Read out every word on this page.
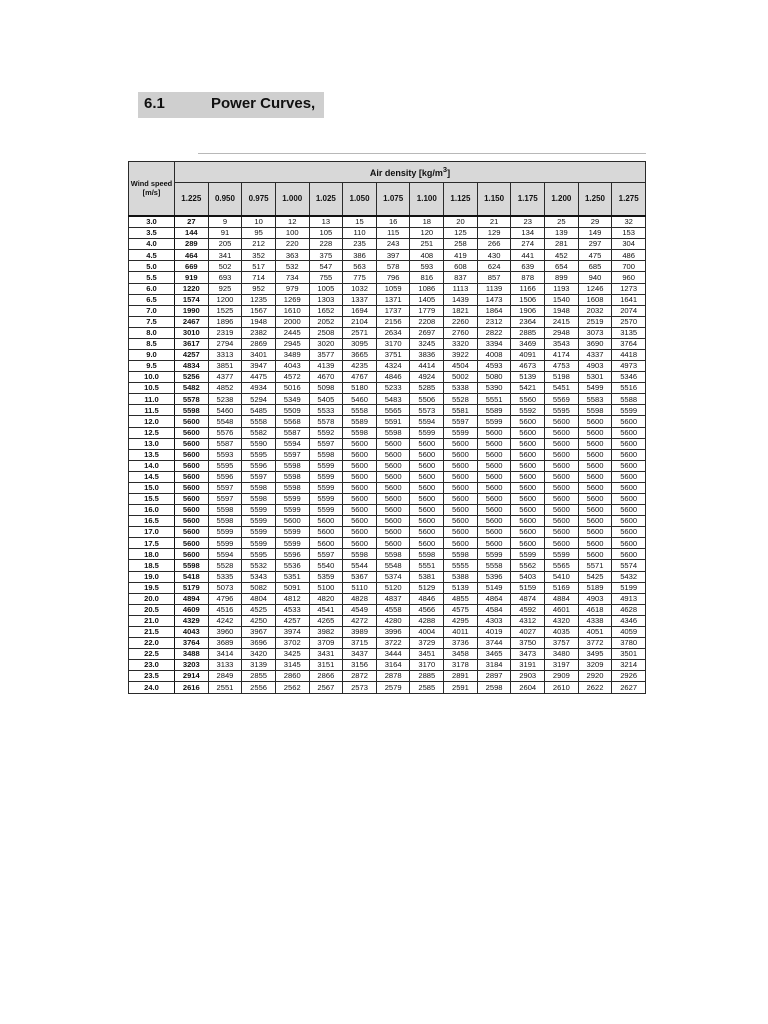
6.1	Power Curves,
Wind speed [m/s]	Air density $[kg/m^3]$													
	1.225	0.950	0.975	1.000	1.025	1.050	1.075	1.100	1.125	1.150	1.175	1.200	1.250	1.275
3.0	27	9	10	12	13	15	16	18	20	21	23	25	29	32
3.5	144	91	95	100	105	110	115	120	125	129	134	139	149	153
4.0	289	205	212	220	228	235	243	251	258	266	274	281	297	304
4.5	464	341	352	363	375	386	397	408	419	430	441	452	475	486
5.0	669	502	517	532	547	563	578	593	608	624	639	654	685	700
5.5	919	693	714	734	755	775	796	816	837	857	878	899	940	960
6.0	1220	925	952	979	1005	1032	1059	1086	1113	1139	1166	1193	1246	1273
6.5	1574	1200	1235	1269	1303	1337	1371	1405	1439	1473	1506	1540	1608	1641
7.0	1990	1525	1567	1610	1652	1694	1737	1779	1821	1864	1906	1948	2032	2074
7.5	2467	1896	1948	2000	2052	2104	2156	2208	2260	2312	2364	2415	2519	2570
8.0	3010	2319	2382	2445	2508	2571	2634	2697	2760	2822	2885	2948	3073	3135
8.5	3617	2794	2869	2945	3020	3095	3170	3245	3320	3394	3469	3543	3690	3764
9.0	4257	3313	3401	3489	3577	3665	3751	3836	3922	4008	4091	4174	4337	4418
9.5	4834	3851	3947	4043	4139	4235	4324	4414	4504	4593	4673	4753	4903	4973
10.0	5256	4377	4475	4572	4670	4767	4846	4924	5002	5080	5139	5198	5301	5346
10.5	5482	4852	4934	5016	5098	5180	5233	5285	5338	5390	5421	5451	5499	5516
11.0	5578	5238	5294	5349	5405	5460	5483	5506	5528	5551	5560	5569	5583	5588
11.5	5598	5460	5485	5509	5533	5558	5565	5573	5581	5589	5592	5595	5598	5599
12.0	5600	5548	5558	5568	5578	5589	5591	5594	5597	5599	5600	5600	5600	5600
12.5	5600	5576	5582	5587	5592	5598	5598	5599	5599	5600	5600	5600	5600	5600
13.0	5600	5587	5590	5594	5597	5600	5600	5600	5600	5600	5600	5600	5600	5600
13.5	5600	5593	5595	5597	5598	5600	5600	5600	5600	5600	5600	5600	5600	5600
14.0	5600	5595	5596	5598	5599	5600	5600	5600	5600	5600	5600	5600	5600	5600
14.5	5600	5596	5597	5598	5599	5600	5600	5600	5600	5600	5600	5600	5600	5600
15.0	5600	5597	5598	5598	5599	5600	5600	5600	5600	5600	5600	5600	5600	5600
15.5	5600	5597	5598	5599	5599	5600	5600	5600	5600	5600	5600	5600	5600	5600
16.0	5600	5598	5599	5599	5599	5600	5600	5600	5600	5600	5600	5600	5600	5600
16.5	5600	5598	5599	5600	5600	5600	5600	5600	5600	5600	5600	5600	5600	5600
17.0	5600	5599	5599	5599	5600	5600	5600	5600	5600	5600	5600	5600	5600	5600
17.5	5600	5599	5599	5599	5600	5600	5600	5600	5600	5600	5600	5600	5600	5600
18.0	5600	5594	5595	5596	5597	5598	5598	5598	5598	5599	5599	5599	5600	5600
18.5	5598	5528	5532	5536	5540	5544	5548	5551	5555	5558	5562	5565	5571	5574
19.0	5418	5335	5343	5351	5359	5367	5374	5381	5388	5396	5403	5410	5425	5432
19.5	5179	5073	5082	5091	5100	5110	5120	5129	5139	5149	5159	5169	5189	5199
20.0	4894	4796	4804	4812	4820	4828	4837	4846	4855	4864	4874	4884	4903	4913
20.5	4609	4516	4525	4533	4541	4549	4558	4566	4575	4584	4592	4601	4618	4628
21.0	4329	4242	4250	4257	4265	4272	4280	4288	4295	4303	4312	4320	4338	4346
21.5	4043	3960	3967	3974	3982	3989	3996	4004	4011	4019	4027	4035	4051	4059
22.0	3764	3689	3696	3702	3709	3715	3722	3729	3736	3744	3750	3757	3772	3780
22.5	3488	3414	3420	3425	3431	3437	3444	3451	3458	3465	3473	3480	3495	3501
23.0	3203	3133	3139	3145	3151	3156	3164	3170	3178	3184	3191	3197	3209	3214
23.5	2914	2849	2855	2860	2866	2872	2878	2885	2891	2897	2903	2909	2920	2926
24.0	2616	2551	2556	2562	2567	2573	2579	2585	2591	2598	2604	2610	2622	2627
